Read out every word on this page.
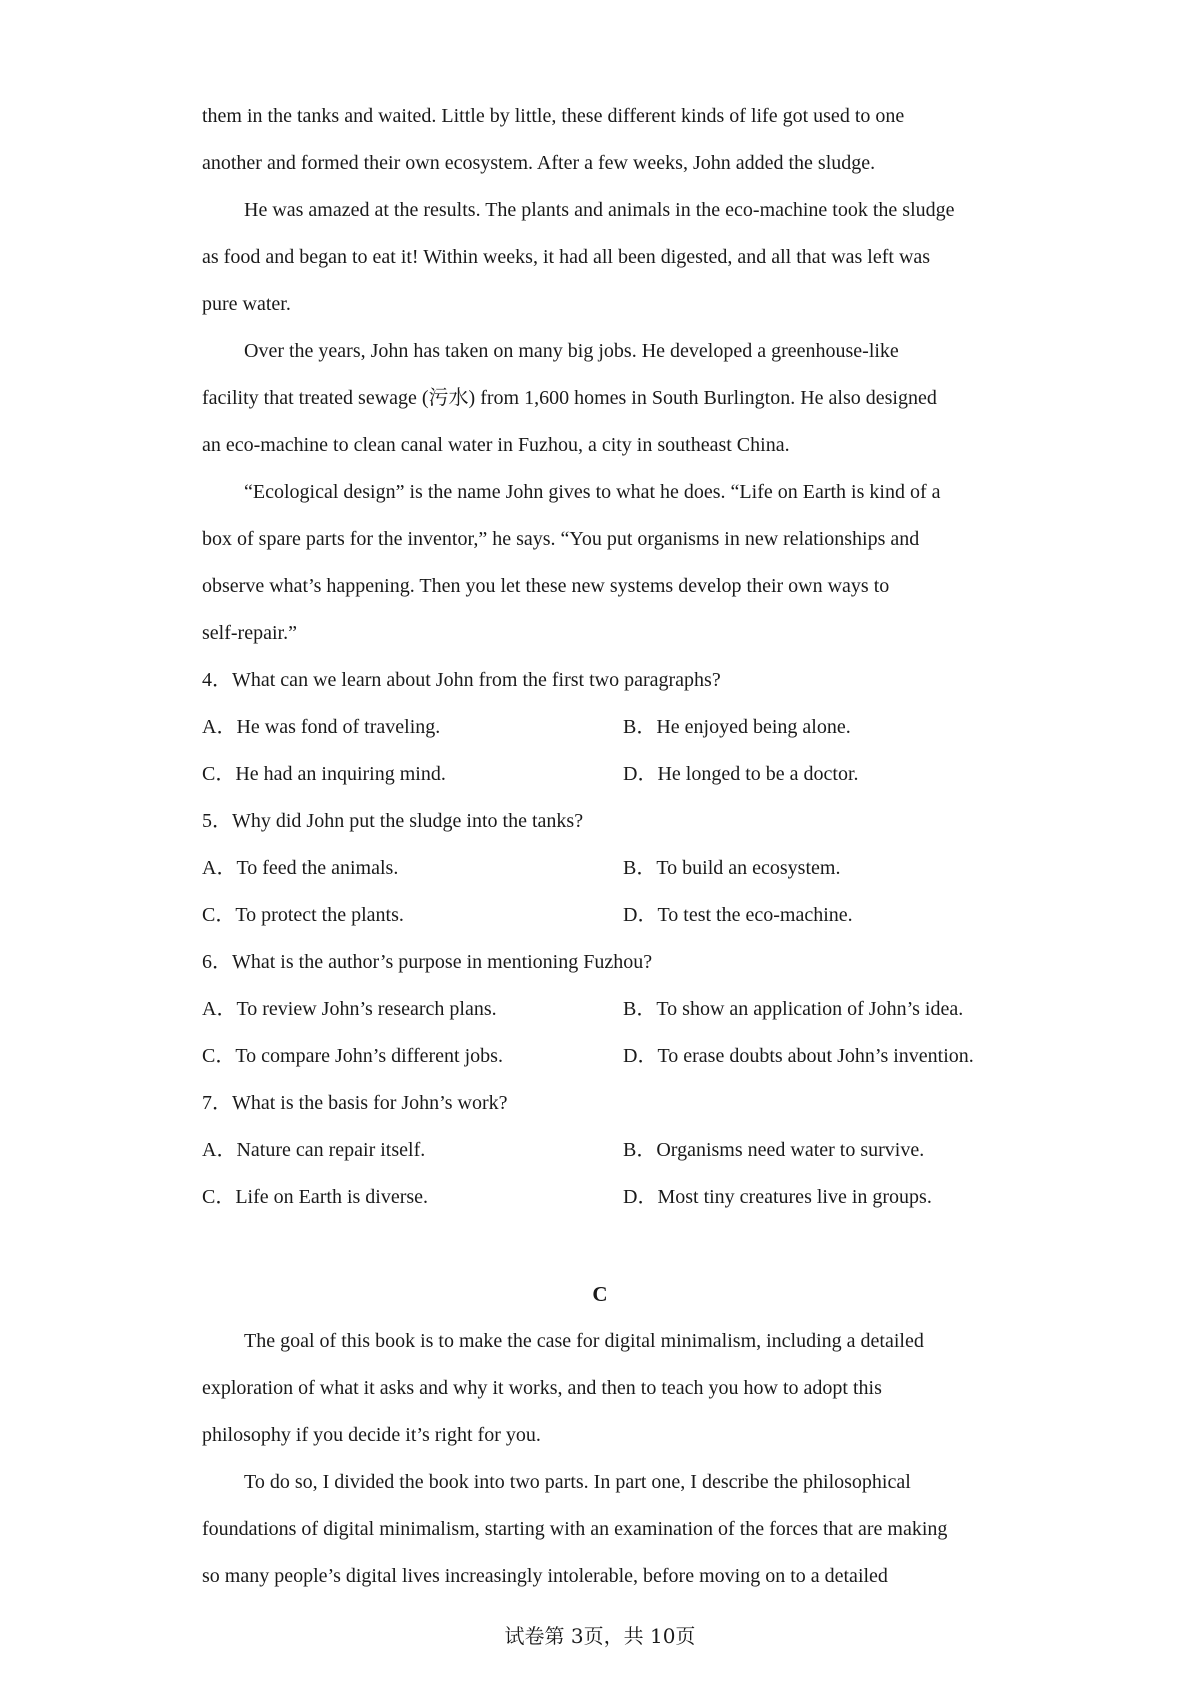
them in the tanks and waited. Little by little, these different kinds of life got used to one
another and formed their own ecosystem. After a few weeks, John added the sludge.
He was amazed at the results. The plants and animals in the eco-machine took the sludge
as food and began to eat it! Within weeks, it had all been digested, and all that was left was
pure water.
Over the years, John has taken on many big jobs. He developed a greenhouse-like
facility that treated sewage (污水) from 1,600 homes in South Burlington. He also designed
an eco-machine to clean canal water in Fuzhou, a city in southeast China.
“Ecological design” is the name John gives to what he does. “Life on Earth is kind of a
box of spare parts for the inventor,” he says. “You put organisms in new relationships and
observe what’s happening. Then you let these new systems develop their own ways to
self-repair.”
4．What can we learn about John from the first two paragraphs?
A．He was fond of traveling.	B．He enjoyed being alone.
C．He had an inquiring mind.	D．He longed to be a doctor.
5．Why did John put the sludge into the tanks?
A．To feed the animals.	B．To build an ecosystem.
C．To protect the plants.	D．To test the eco-machine.
6．What is the author’s purpose in mentioning Fuzhou?
A．To review John’s research plans.	B．To show an application of John’s idea.
C．To compare John’s different jobs.	D．To erase doubts about John’s invention.
7．What is the basis for John’s work?
A．Nature can repair itself.	B．Organisms need water to survive.
C．Life on Earth is diverse.	D．Most tiny creatures live in groups.
C
The goal of this book is to make the case for digital minimalism, including a detailed
exploration of what it asks and why it works, and then to teach you how to adopt this
philosophy if you decide it’s right for you.
To do so, I divided the book into two parts. In part one, I describe the philosophical
foundations of digital minimalism, starting with an examination of the forces that are making
so many people’s digital lives increasingly intolerable, before moving on to a detailed
试卷第 3页，共 10页
